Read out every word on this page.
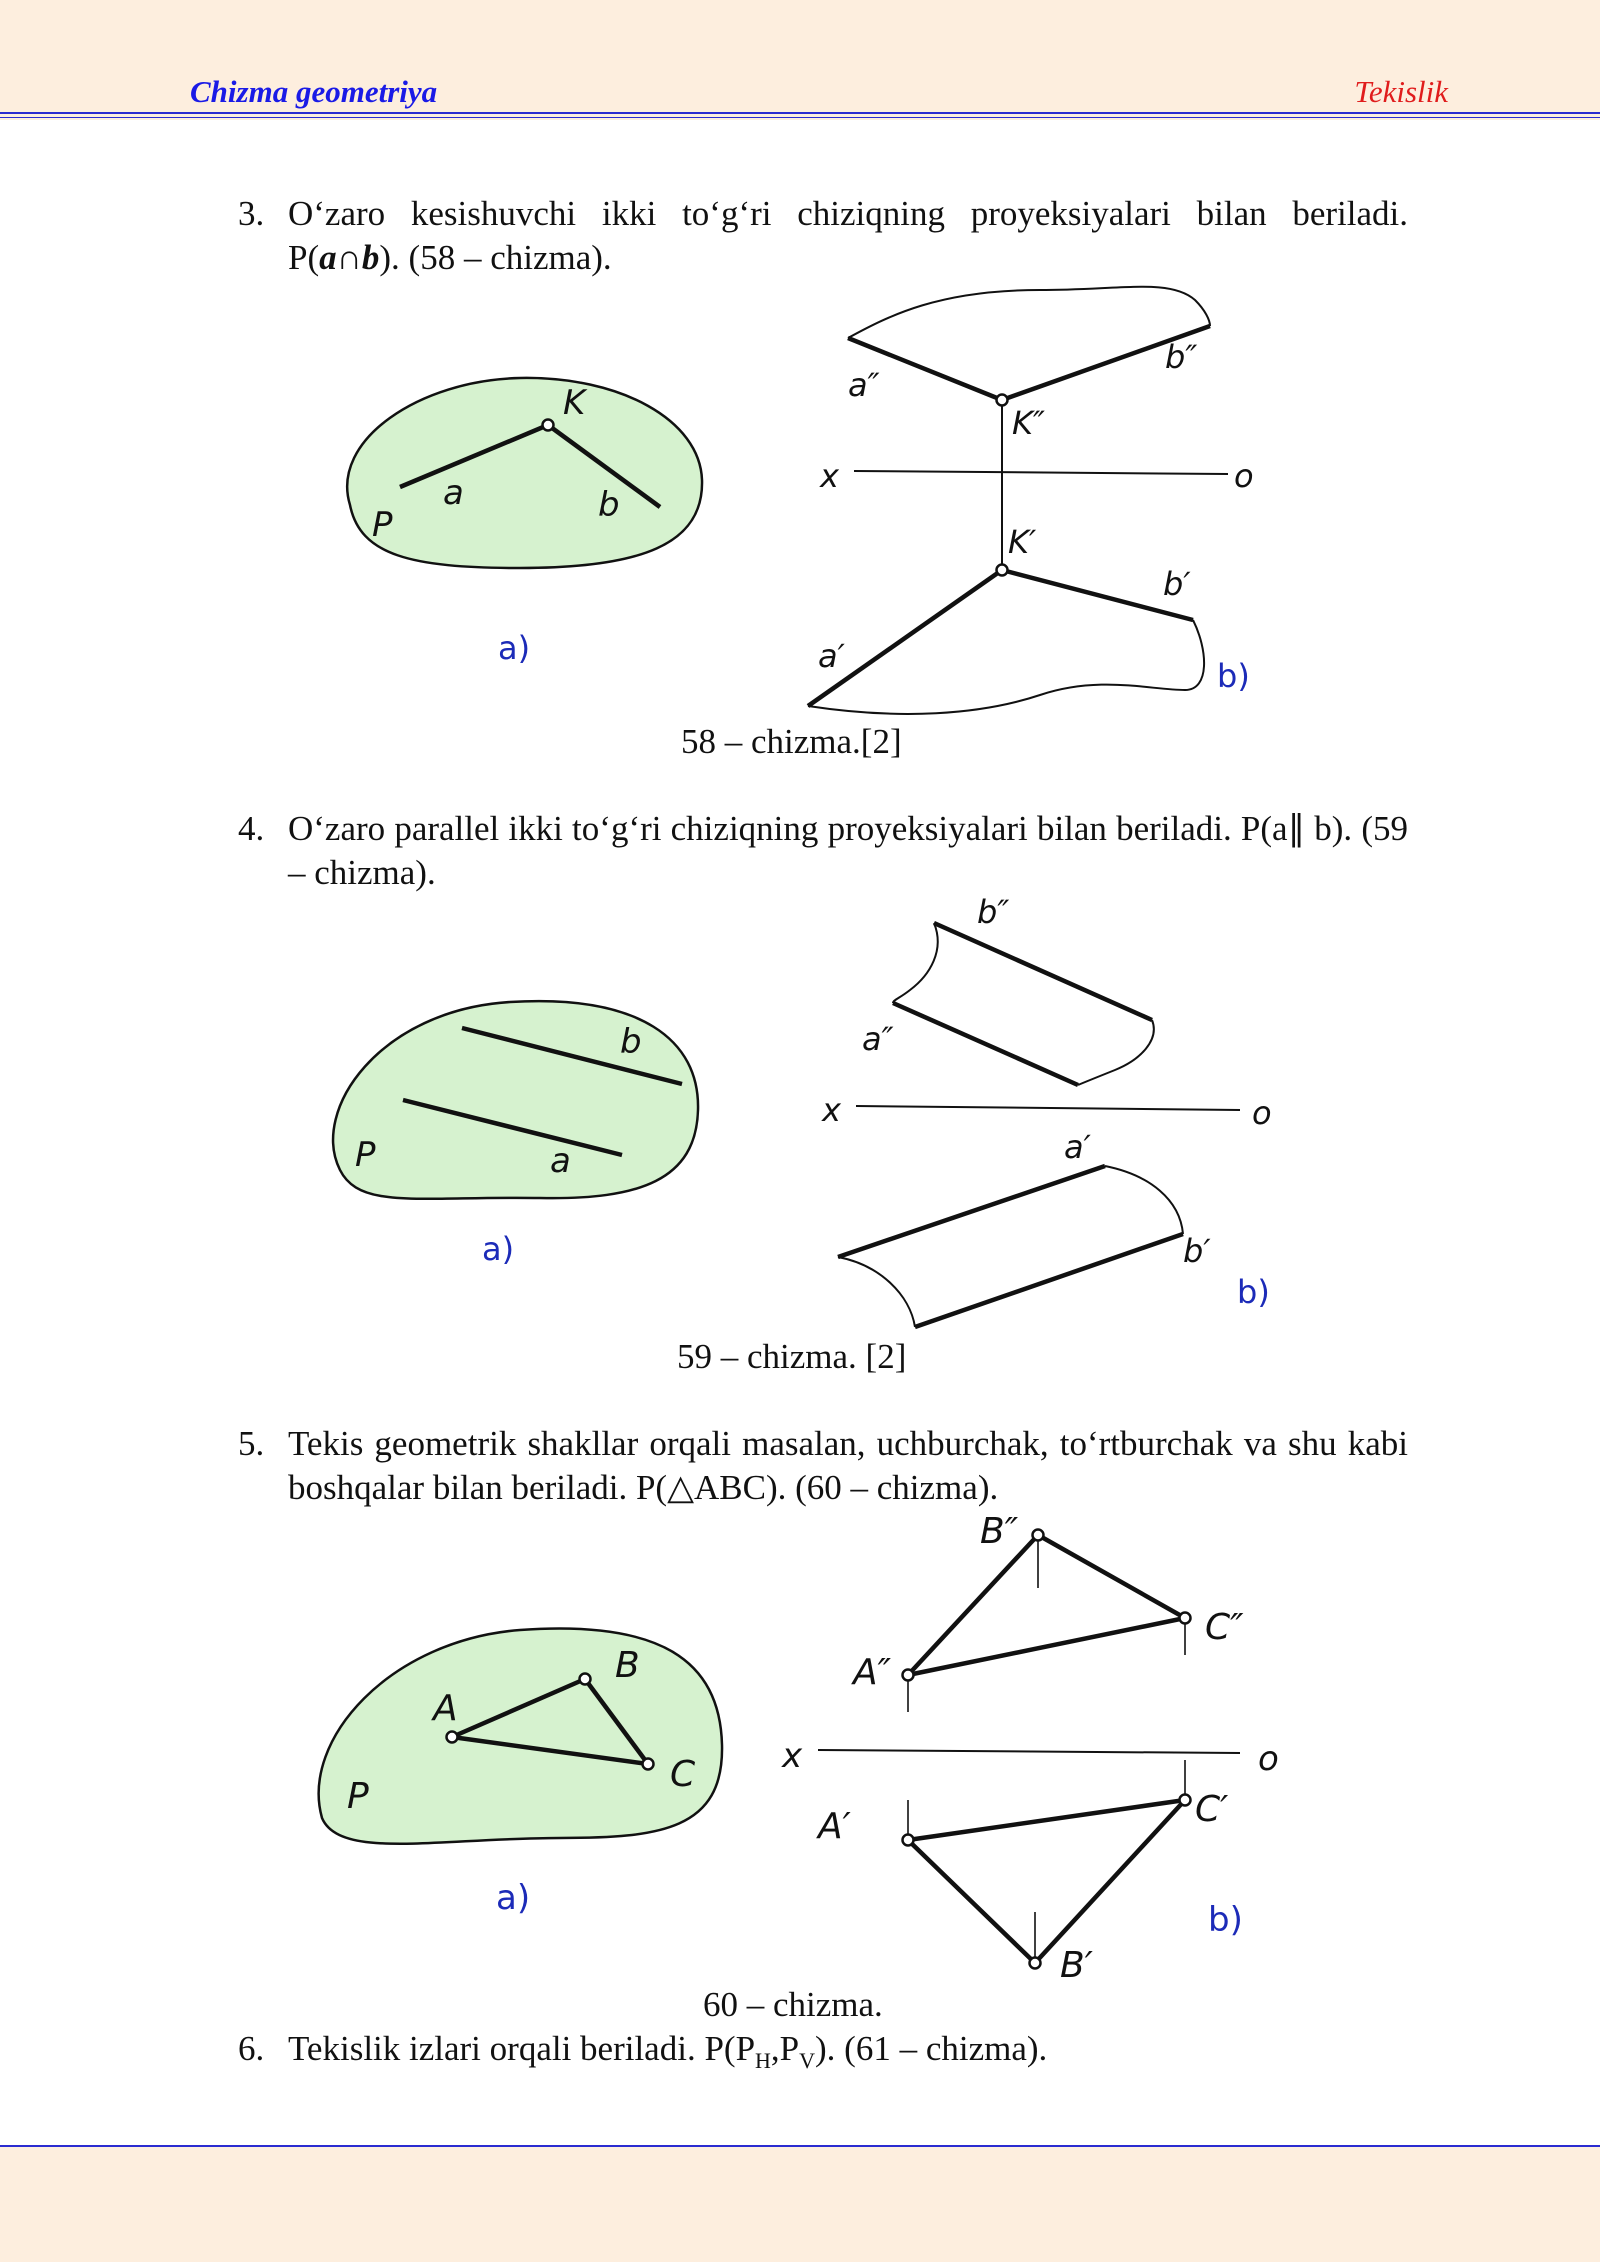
Chizma geometriya	Tekislik
3. O‘zaro kesishuvchi ikki to‘g‘ri chiziqning proyeksiyalari bilan beriladi. P(a∩b). (58 – chizma).
K
a	b
P
a)
a″
b″
K″
x	o
K′
b′
a′
b)
58 – chizma.[2]
4. O‘zaro parallel ikki to‘g‘ri chiziqning proyeksiyalari bilan beriladi. P(a∥ b). (59 – chizma).
b
a
P
a)
b″
a″
x	o
a′
b′
b)
59 – chizma. [2]
5. Tekis geometrik shakllar orqali masalan, uchburchak, to‘rtburchak va shu kabi boshqalar bilan beriladi. P(△ABC). (60 – chizma).
A
B
C
P
a)
B″
C″
A″
x	o
A′	C′
B′
b)
60 – chizma.
6. Tekislik izlari orqali beriladi. $P(P_H,P_V)$. (61 – chizma).
